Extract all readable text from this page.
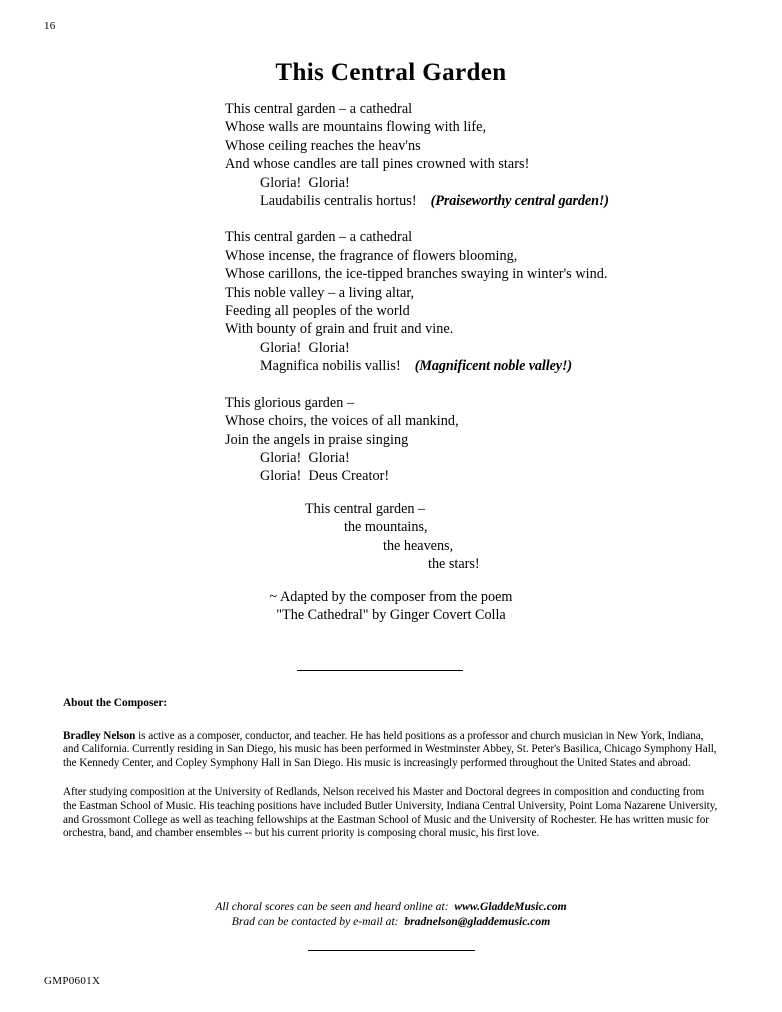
16
This Central Garden
This central garden – a cathedral
Whose walls are mountains flowing with life,
Whose ceiling reaches the heav'ns
And whose candles are tall pines crowned with stars!
Gloria!  Gloria!
Laudabilis centralis hortus! (Praiseworthy central garden!)
This central garden – a cathedral
Whose incense, the fragrance of flowers blooming,
Whose carillons, the ice-tipped branches swaying in winter's wind.
This noble valley – a living altar,
Feeding all peoples of the world
With bounty of grain and fruit and vine.
Gloria!  Gloria!
Magnifica nobilis vallis! (Magnificent noble valley!)
This glorious garden –
Whose choirs, the voices of all mankind,
Join the angels in praise singing
Gloria!  Gloria!
Gloria!  Deus Creator!
This central garden –
the mountains,
the heavens,
the stars!
~ Adapted by the composer from the poem
"The Cathedral" by Ginger Covert Colla
About the Composer:

Bradley Nelson is active as a composer, conductor, and teacher. He has held positions as a professor and church musician in New York, Indiana, and California. Currently residing in San Diego, his music has been performed in Westminster Abbey, St. Peter's Basilica, Chicago Symphony Hall, the Kennedy Center, and Copley Symphony Hall in San Diego. His music is increasingly performed throughout the United States and abroad.

After studying composition at the University of Redlands, Nelson received his Master and Doctoral degrees in composition and conducting from the Eastman School of Music. His teaching positions have included Butler University, Indiana Central University, Point Loma Nazarene University, and Grossmont College as well as teaching fellowships at the Eastman School of Music and the University of Rochester. He has written music for orchestra, band, and chamber ensembles -- but his current priority is composing choral music, his first love.

All choral scores can be seen and heard online at:  www.GladdeMusic.com
Brad can be contacted by e-mail at:  bradnelson@gladdemusic.com
GMP0601X
